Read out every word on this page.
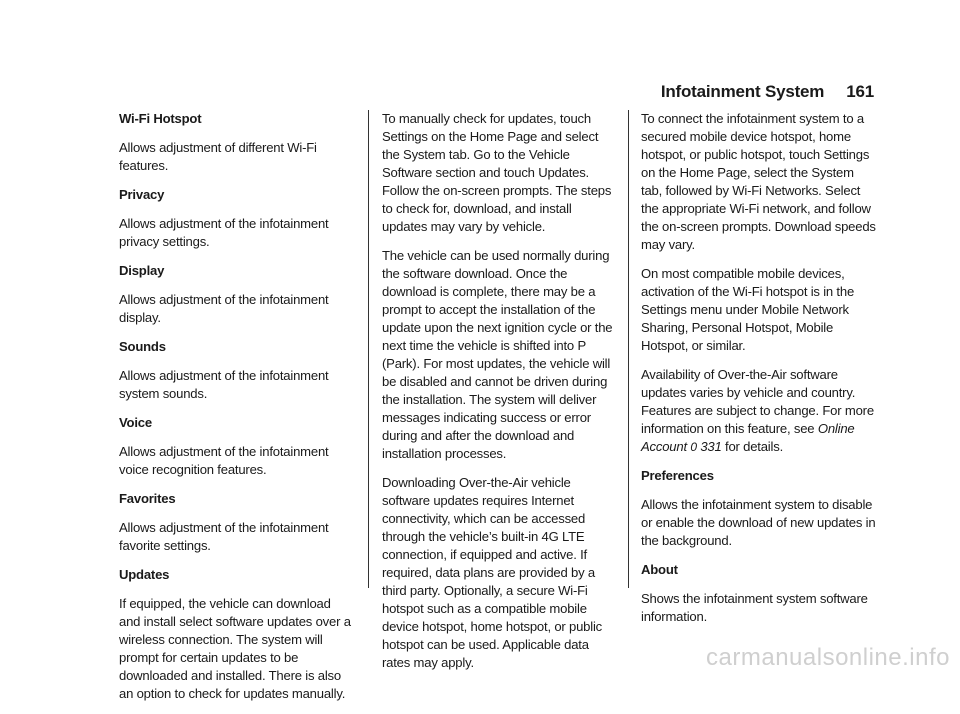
Infotainment System 161

Wi-Fi Hotspot

Allows adjustment of different Wi-Fi features.

Privacy

Allows adjustment of the infotainment privacy settings.

Display

Allows adjustment of the infotainment display.

Sounds

Allows adjustment of the infotainment system sounds.

Voice

Allows adjustment of the infotainment voice recognition features.

Favorites

Allows adjustment of the infotainment favorite settings.

Updates

If equipped, the vehicle can download and install select software updates over a wireless connection. The system will prompt for certain updates to be downloaded and installed. There is also an option to check for updates manually.

To manually check for updates, touch Settings on the Home Page and select the System tab. Go to the Vehicle Software section and touch Updates. Follow the on-screen prompts. The steps to check for, download, and install updates may vary by vehicle.

The vehicle can be used normally during the software download. Once the download is complete, there may be a prompt to accept the installation of the update upon the next ignition cycle or the next time the vehicle is shifted into P (Park). For most updates, the vehicle will be disabled and cannot be driven during the installation. The system will deliver messages indicating success or error during and after the download and installation processes.

Downloading Over-the-Air vehicle software updates requires Internet connectivity, which can be accessed through the vehicle’s built-in 4G LTE connection, if equipped and active. If required, data plans are provided by a third party. Optionally, a secure Wi-Fi hotspot such as a compatible mobile device hotspot, home hotspot, or public hotspot can be used. Applicable data rates may apply.

To connect the infotainment system to a secured mobile device hotspot, home hotspot, or public hotspot, touch Settings on the Home Page, select the System tab, followed by Wi-Fi Networks. Select the appropriate Wi-Fi network, and follow the on-screen prompts. Download speeds may vary.

On most compatible mobile devices, activation of the Wi-Fi hotspot is in the Settings menu under Mobile Network Sharing, Personal Hotspot, Mobile Hotspot, or similar.

Availability of Over-the-Air software updates varies by vehicle and country. Features are subject to change. For more information on this feature, see Online Account 0 331 for details.

Preferences

Allows the infotainment system to disable or enable the download of new updates in the background.

About

Shows the infotainment system software information.

carmanualsonline.info
